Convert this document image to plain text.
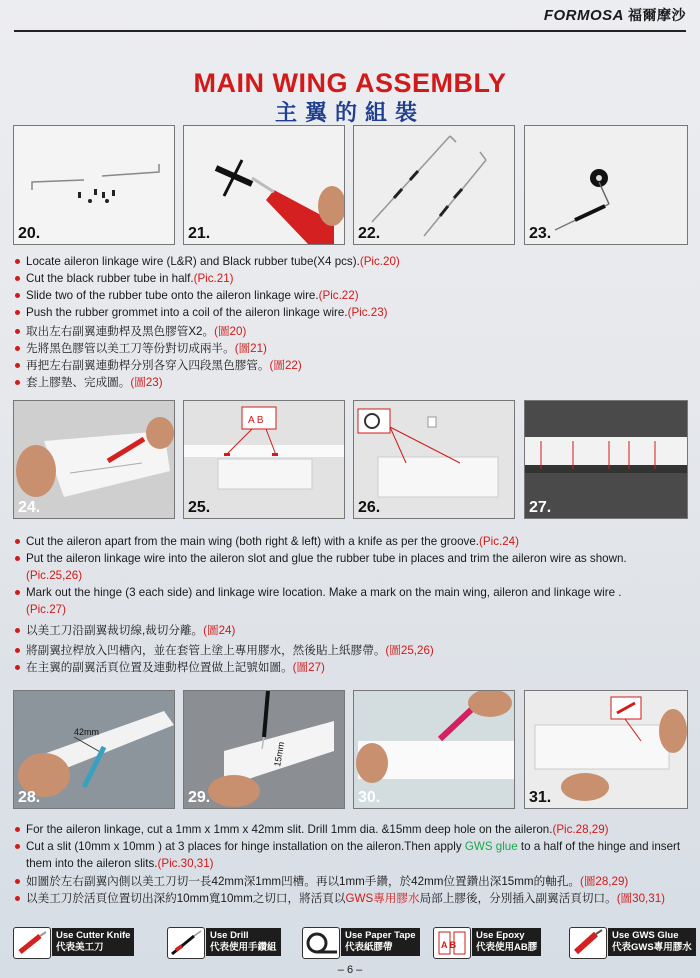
FORMOSA 福爾摩沙
MAIN WING ASSEMBLY
主翼的組裝
20.	21.	22.	23.
Locate aileron linkage wire (L&R) and Black rubber tube(X4 pcs).(Pic.20)
Cut the black rubber tube in half.(Pic.21)
Slide two of the rubber tube onto the aileron linkage wire.(Pic.22)
Push the rubber grommet into a coil of the aileron linkage wire.(Pic.23)
取出左右副翼連動桿及黑色膠管X2。(圖20)
先將黑色膠管以美工刀等份對切成兩半。(圖21)
再把左右副翼連動桿分別各穿入四段黑色膠管。(圖22)
套上膠墊、完成圖。(圖23)
24.
A B
25.	26.	27.
Cut the aileron apart from the main wing (both right & left) with a knife as per the groove.(Pic.24)
Put the aileron linkage wire into the aileron slot and glue the rubber tube in places and trim the aileron wire as shown.
(Pic.25,26)
Mark out the hinge (3 each side) and linkage wire location. Make a mark on the main wing, aileron and linkage wire .
(Pic.27)
以美工刀沿副翼裁切線,裁切分離。(圖24)
將副翼拉桿放入凹槽內，並在套管上塗上專用膠水，然後貼上紙膠帶。(圖25,26)
在主翼的副翼活頁位置及連動桿位置做上記號如圖。(圖27)
42mm
28.
15mm
29.	30.	31.
For the aileron linkage, cut a 1mm x 1mm x 42mm slit. Drill 1mm dia. &15mm deep hole on the aileron.(Pic.28,29)
Cut a slit (10mm x 10mm ) at 3 places for hinge installation on the aileron.Then apply GWS glue to a half of the hinge and insert them into the aileron slits.(Pic.30,31)
如圖於左右副翼內側以美工刀切一長42mm深1mm凹槽。再以1mm手鑽，於42mm位置鑽出深15mm的軸孔。(圖28,29)
以美工刀於活頁位置切出深約10mm寬10mm之切口，將活頁以GWS專用膠水局部上膠後，分別插入副翼活頁切口。(圖30,31)
Use Cutter Knife
代表美工刀
Use Drill
代表使用手鑽組
Use Paper Tape
代表紙膠帶	A B
Use Epoxy
代表使用AB膠
Use GWS Glue
代表GWS專用膠水
– 6 –
